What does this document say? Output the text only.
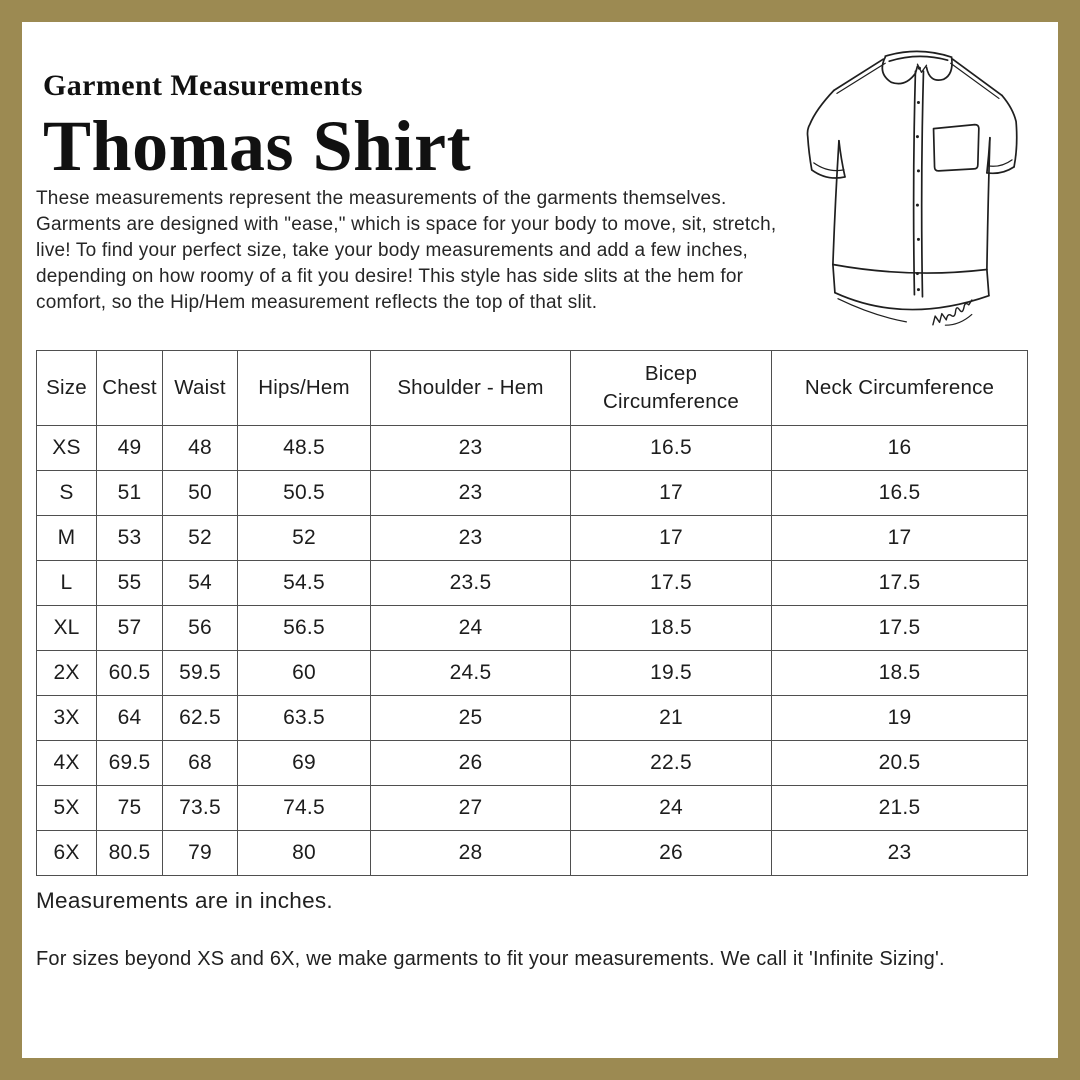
Garment Measurements
Thomas Shirt

These measurements represent the measurements of the garments themselves. Garments are designed with "ease," which is space for your body to move, sit, stretch, live! To find your perfect size, take your body measurements and add a few inches, depending on how roomy of a fit you desire! This style has side slits at the hem for comfort, so the Hip/Hem measurement reflects the top of that slit.

Size	Chest	Waist	Hips/Hem	Shoulder - Hem	Bicep Circumference	Neck Circumference
XS	49	48	48.5	23	16.5	16
S	51	50	50.5	23	17	16.5
M	53	52	52	23	17	17
L	55	54	54.5	23.5	17.5	17.5
XL	57	56	56.5	24	18.5	17.5
2X	60.5	59.5	60	24.5	19.5	18.5
3X	64	62.5	63.5	25	21	19
4X	69.5	68	69	26	22.5	20.5
5X	75	73.5	74.5	27	24	21.5
6X	80.5	79	80	28	26	23
Measurements are in inches.
For sizes beyond XS and 6X, we make garments to fit your measurements. We call it 'Infinite Sizing'.
